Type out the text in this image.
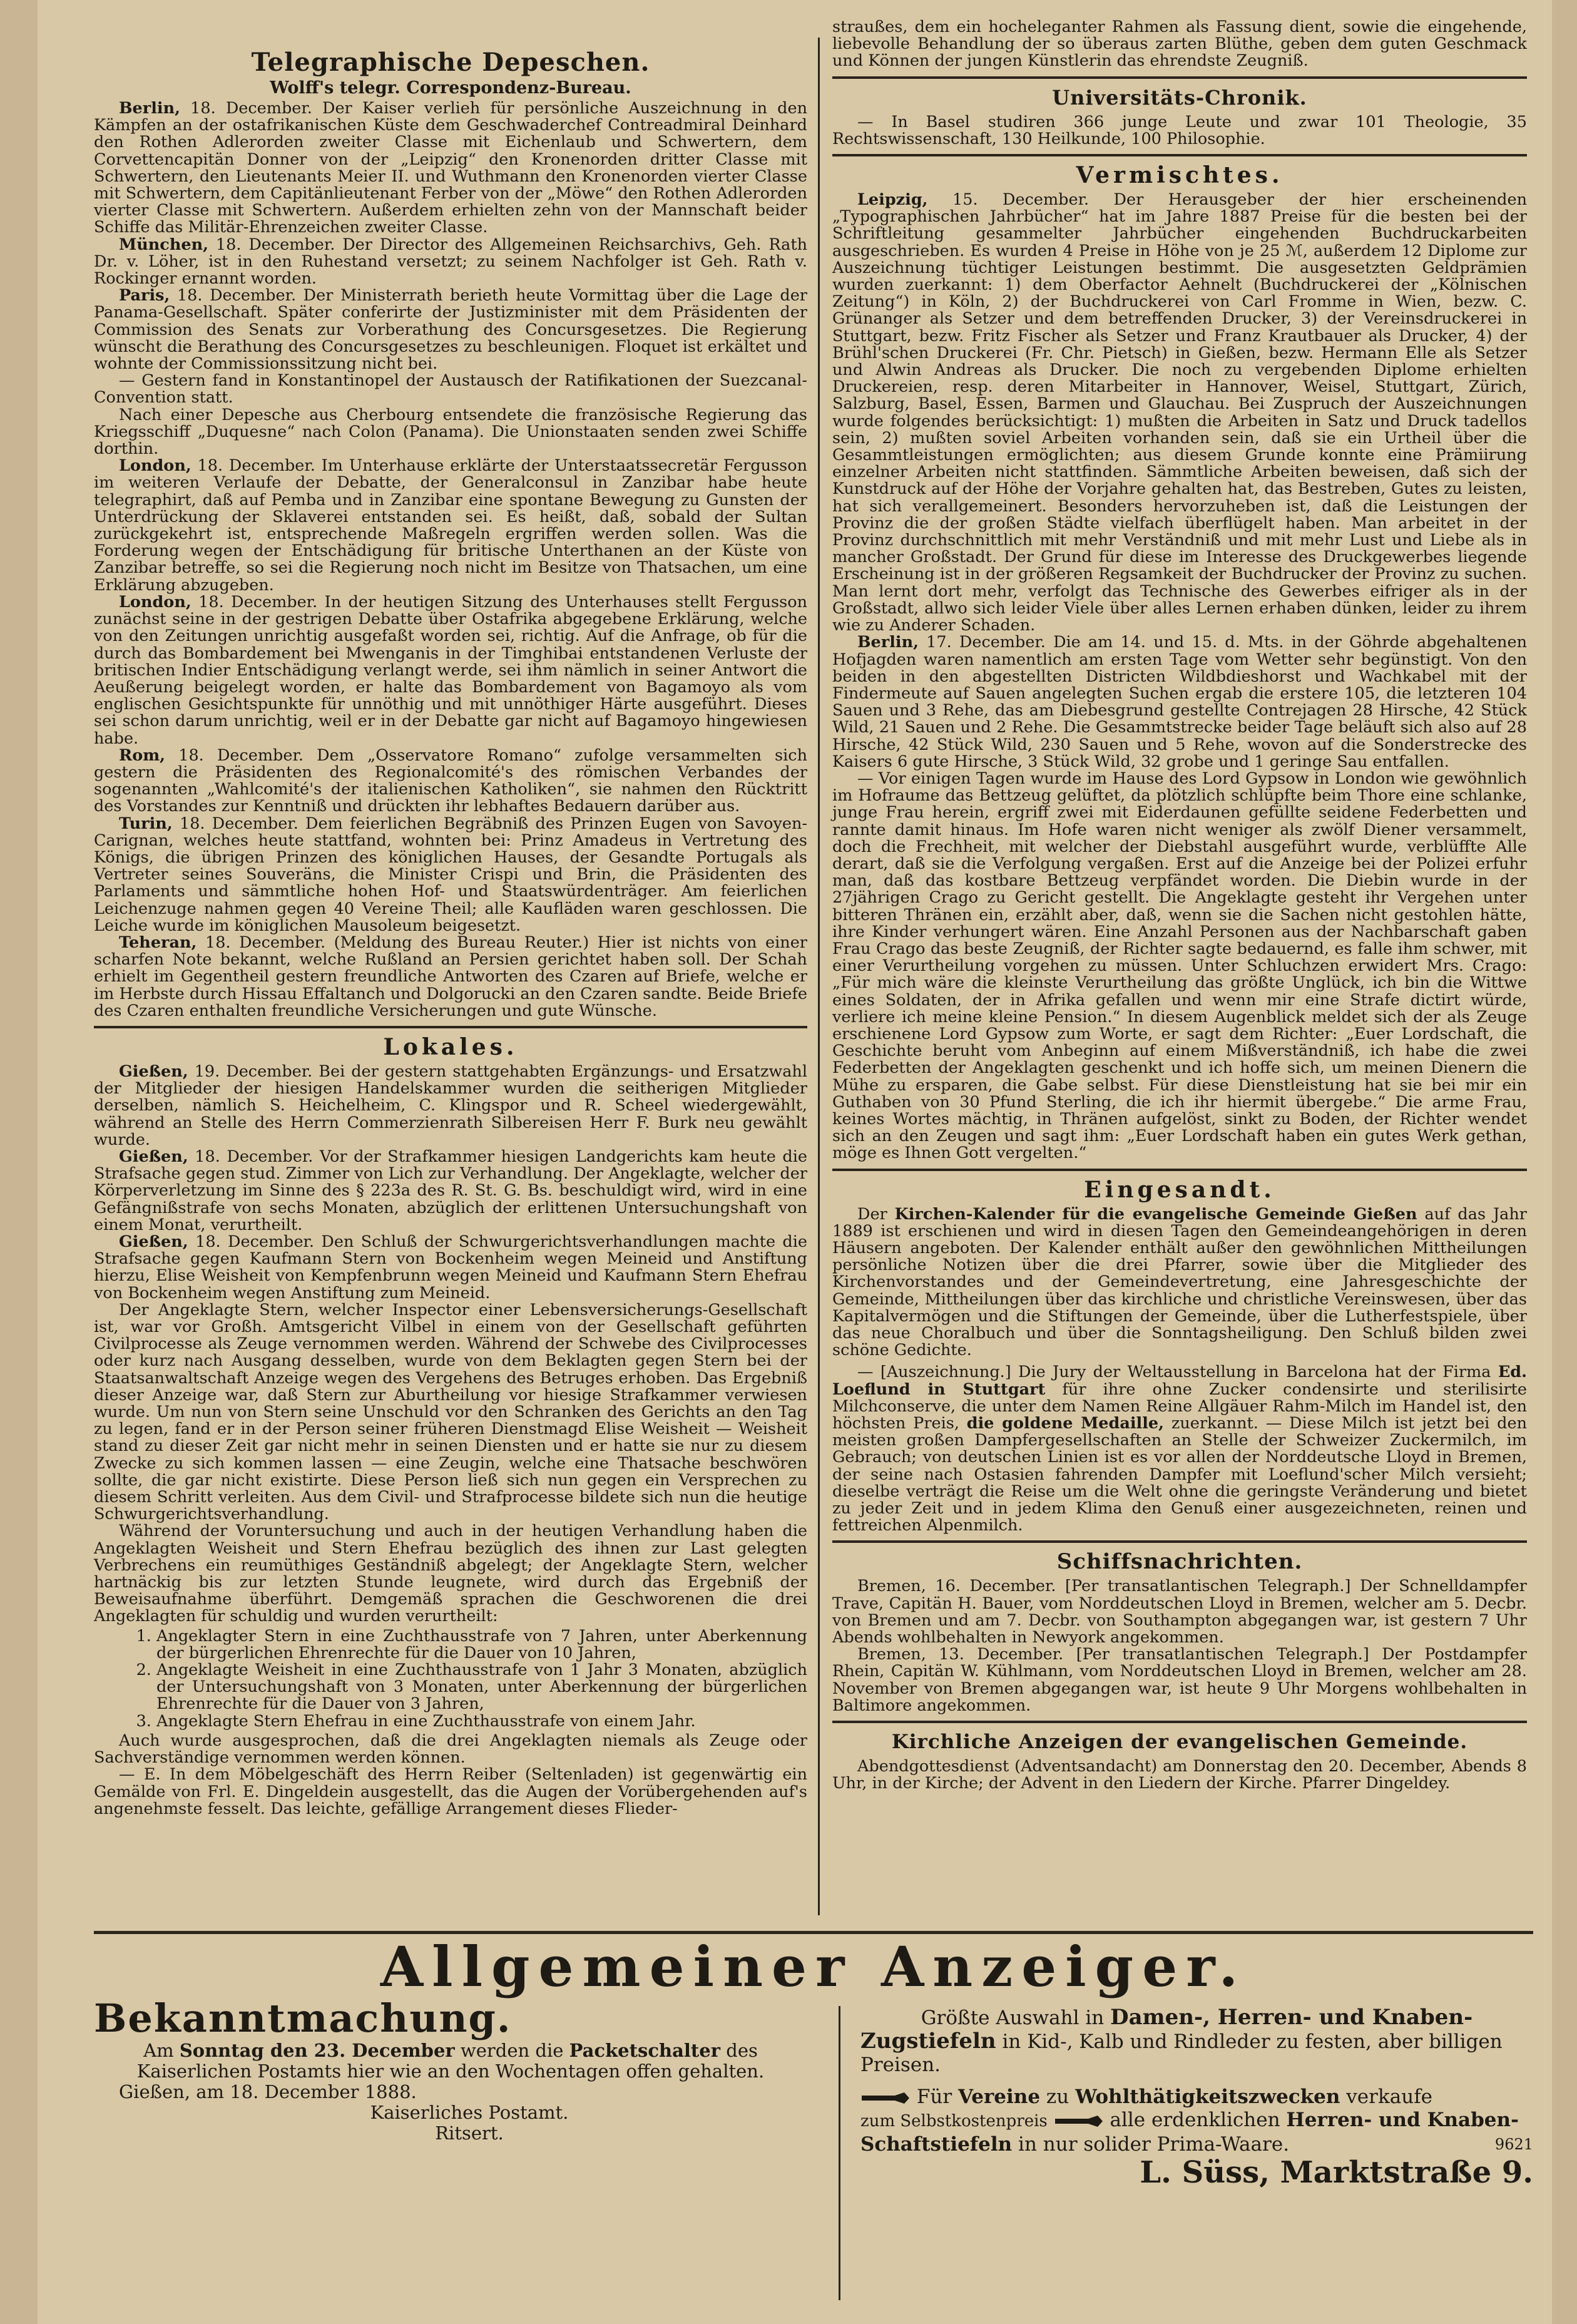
Telegraphische Depeschen.
Wolff's telegr. Correspondenz-Bureau.

Berlin, 18. December. Der Kaiser verlieh für persönliche Auszeichnung in den Kämpfen an der ostafrikanischen Küste dem Geschwaderchef Contreadmiral Deinhard den Rothen Adlerorden zweiter Classe mit Eichenlaub und Schwertern, dem Corvettencapitän Donner von der „Leipzig“ den Kronenorden dritter Classe mit Schwertern, den Lieutenants Meier II. und Wuthmann den Kronenorden vierter Classe mit Schwertern, dem Capitänlieutenant Ferber von der „Möwe“ den Rothen Adlerorden vierter Classe mit Schwertern. Außerdem erhielten zehn von der Mannschaft beider Schiffe das Militär-Ehrenzeichen zweiter Classe.

München, 18. December. Der Director des Allgemeinen Reichsarchivs, Geh. Rath Dr. v. Löher, ist in den Ruhestand versetzt; zu seinem Nachfolger ist Geh. Rath v. Rockinger ernannt worden.

Paris, 18. December. Der Ministerrath berieth heute Vormittag über die Lage der Panama-Gesellschaft. Später conferirte der Justizminister mit dem Präsidenten der Commission des Senats zur Vorberathung des Concursgesetzes. Die Regierung wünscht die Berathung des Concursgesetzes zu beschleunigen. Floquet ist erkältet und wohnte der Commissionssitzung nicht bei.

— Gestern fand in Konstantinopel der Austausch der Ratifikationen der Suezcanal-Convention statt.

Nach einer Depesche aus Cherbourg entsendete die französische Regierung das Kriegsschiff „Duquesne“ nach Colon (Panama). Die Unionstaaten senden zwei Schiffe dorthin.

London, 18. December. Im Unterhause erklärte der Unterstaatssecretär Fergusson im weiteren Verlaufe der Debatte, der Generalconsul in Zanzibar habe heute telegraphirt, daß auf Pemba und in Zanzibar eine spontane Bewegung zu Gunsten der Unterdrückung der Sklaverei entstanden sei. Es heißt, daß, sobald der Sultan zurückgekehrt ist, entsprechende Maßregeln ergriffen werden sollen. Was die Forderung wegen der Entschädigung für britische Unterthanen an der Küste von Zanzibar betreffe, so sei die Regierung noch nicht im Besitze von Thatsachen, um eine Erklärung abzugeben.

London, 18. December. In der heutigen Sitzung des Unterhauses stellt Fergusson zunächst seine in der gestrigen Debatte über Ostafrika abgegebene Erklärung, welche von den Zeitungen unrichtig ausgefaßt worden sei, richtig. Auf die Anfrage, ob für die durch das Bombardement bei Mwenganis in der Timghibai entstandenen Verluste der britischen Indier Entschädigung verlangt werde, sei ihm nämlich in seiner Antwort die Aeußerung beigelegt worden, er halte das Bombardement von Bagamoyo als vom englischen Gesichtspunkte für unnöthig und mit unnöthiger Härte ausgeführt. Dieses sei schon darum unrichtig, weil er in der Debatte gar nicht auf Bagamoyo hingewiesen habe.

Rom, 18. December. Dem „Osservatore Romano“ zufolge versammelten sich gestern die Präsidenten des Regionalcomité's des römischen Verbandes der sogenannten „Wahlcomité's der italienischen Katholiken“, sie nahmen den Rücktritt des Vorstandes zur Kenntniß und drückten ihr lebhaftes Bedauern darüber aus.

Turin, 18. December. Dem feierlichen Begräbniß des Prinzen Eugen von Savoyen-Carignan, welches heute stattfand, wohnten bei: Prinz Amadeus in Vertretung des Königs, die übrigen Prinzen des königlichen Hauses, der Gesandte Portugals als Vertreter seines Souveräns, die Minister Crispi und Brin, die Präsidenten des Parlaments und sämmtliche hohen Hof- und Staatswürdenträger. Am feierlichen Leichenzuge nahmen gegen 40 Vereine Theil; alle Kaufläden waren geschlossen. Die Leiche wurde im königlichen Mausoleum beigesetzt.

Teheran, 18. December. (Meldung des Bureau Reuter.) Hier ist nichts von einer scharfen Note bekannt, welche Rußland an Persien gerichtet haben soll. Der Schah erhielt im Gegentheil gestern freundliche Antworten des Czaren auf Briefe, welche er im Herbste durch Hissau Effaltanch und Dolgorucki an den Czaren sandte. Beide Briefe des Czaren enthalten freundliche Versicherungen und gute Wünsche.

Lokales.

Gießen, 19. December. Bei der gestern stattgehabten Ergänzungs- und Ersatzwahl der Mitglieder der hiesigen Handelskammer wurden die seitherigen Mitglieder derselben, nämlich S. Heichelheim, C. Klingspor und R. Scheel wiedergewählt, während an Stelle des Herrn Commerzienrath Silbereisen Herr F. Burk neu gewählt wurde.

Gießen, 18. December. Vor der Strafkammer hiesigen Landgerichts kam heute die Strafsache gegen stud. Zimmer von Lich zur Verhandlung. Der Angeklagte, welcher der Körperverletzung im Sinne des § 223a des R. St. G. Bs. beschuldigt wird, wird in eine Gefängnißstrafe von sechs Monaten, abzüglich der erlittenen Untersuchungshaft von einem Monat, verurtheilt.

Gießen, 18. December. Den Schluß der Schwurgerichtsverhandlungen machte die Strafsache gegen Kaufmann Stern von Bockenheim wegen Meineid und Anstiftung hierzu, Elise Weisheit von Kempfenbrunn wegen Meineid und Kaufmann Stern Ehefrau von Bockenheim wegen Anstiftung zum Meineid.

Der Angeklagte Stern, welcher Inspector einer Lebensversicherungs-Gesellschaft ist, war vor Großh. Amtsgericht Vilbel in einem von der Gesellschaft geführten Civilprocesse als Zeuge vernommen werden. Während der Schwebe des Civilprocesses oder kurz nach Ausgang desselben, wurde von dem Beklagten gegen Stern bei der Staatsanwaltschaft Anzeige wegen des Vergehens des Betruges erhoben. Das Ergebniß dieser Anzeige war, daß Stern zur Aburtheilung vor hiesige Strafkammer verwiesen wurde. Um nun von Stern seine Unschuld vor den Schranken des Gerichts an den Tag zu legen, fand er in der Person seiner früheren Dienstmagd Elise Weisheit — Weisheit stand zu dieser Zeit gar nicht mehr in seinen Diensten und er hatte sie nur zu diesem Zwecke zu sich kommen lassen — eine Zeugin, welche eine Thatsache beschwören sollte, die gar nicht existirte. Diese Person ließ sich nun gegen ein Versprechen zu diesem Schritt verleiten. Aus dem Civil- und Strafprocesse bildete sich nun die heutige Schwurgerichtsverhandlung.

Während der Voruntersuchung und auch in der heutigen Verhandlung haben die Angeklagten Weisheit und Stern Ehefrau bezüglich des ihnen zur Last gelegten Verbrechens ein reumüthiges Geständniß abgelegt; der Angeklagte Stern, welcher hartnäckig bis zur letzten Stunde leugnete, wird durch das Ergebniß der Beweisaufnahme überführt. Demgemäß sprachen die Geschworenen die drei Angeklagten für schuldig und wurden verurtheilt:

1. Angeklagter Stern in eine Zuchthausstrafe von 7 Jahren, unter Aberkennung der bürgerlichen Ehrenrechte für die Dauer von 10 Jahren,
2. Angeklagte Weisheit in eine Zuchthausstrafe von 1 Jahr 3 Monaten, abzüglich der Untersuchungshaft von 3 Monaten, unter Aberkennung der bürgerlichen Ehrenrechte für die Dauer von 3 Jahren,
3. Angeklagte Stern Ehefrau in eine Zuchthausstrafe von einem Jahr.

Auch wurde ausgesprochen, daß die drei Angeklagten niemals als Zeuge oder Sachverständige vernommen werden können.

— E. In dem Möbelgeschäft des Herrn Reiber (Seltenladen) ist gegenwärtig ein Gemälde von Frl. E. Dingeldein ausgestellt, das die Augen der Vorübergehenden auf's angenehmste fesselt. Das leichte, gefällige Arrangement dieses Flieder-

straußes, dem ein hocheleganter Rahmen als Fassung dient, sowie die eingehende, liebevolle Behandlung der so überaus zarten Blüthe, geben dem guten Geschmack und Können der jungen Künstlerin das ehrendste Zeugniß.

Universitäts-Chronik.

— In Basel studiren 366 junge Leute und zwar 101 Theologie, 35 Rechtswissenschaft, 130 Heilkunde, 100 Philosophie.

Vermischtes.

Leipzig, 15. December. Der Herausgeber der hier erscheinenden „Typographischen Jahrbücher“ hat im Jahre 1887 Preise für die besten bei der Schriftleitung gesammelter Jahrbücher eingehenden Buchdruckarbeiten ausgeschrieben. Es wurden 4 Preise in Höhe von je 25 ℳ, außerdem 12 Diplome zur Auszeichnung tüchtiger Leistungen bestimmt. Die ausgesetzten Geldprämien wurden zuerkannt: 1) dem Oberfactor Aehnelt (Buchdruckerei der „Kölnischen Zeitung“) in Köln, 2) der Buchdruckerei von Carl Fromme in Wien, bezw. C. Grünanger als Setzer und dem betreffenden Drucker, 3) der Vereinsdruckerei in Stuttgart, bezw. Fritz Fischer als Setzer und Franz Krautbauer als Drucker, 4) der Brühl'schen Druckerei (Fr. Chr. Pietsch) in Gießen, bezw. Hermann Elle als Setzer und Alwin Andreas als Drucker. Die noch zu vergebenden Diplome erhielten Druckereien, resp. deren Mitarbeiter in Hannover, Weisel, Stuttgart, Zürich, Salzburg, Basel, Essen, Barmen und Glauchau. Bei Zuspruch der Auszeichnungen wurde folgendes berücksichtigt: 1) mußten die Arbeiten in Satz und Druck tadellos sein, 2) mußten soviel Arbeiten vorhanden sein, daß sie ein Urtheil über die Gesammtleistungen ermöglichten; aus diesem Grunde konnte eine Prämiirung einzelner Arbeiten nicht stattfinden. Sämmtliche Arbeiten beweisen, daß sich der Kunstdruck auf der Höhe der Vorjahre gehalten hat, das Bestreben, Gutes zu leisten, hat sich verallgemeinert. Besonders hervorzuheben ist, daß die Leistungen der Provinz die der großen Städte vielfach überflügelt haben. Man arbeitet in der Provinz durchschnittlich mit mehr Verständniß und mit mehr Lust und Liebe als in mancher Großstadt. Der Grund für diese im Interesse des Druckgewerbes liegende Erscheinung ist in der größeren Regsamkeit der Buchdrucker der Provinz zu suchen. Man lernt dort mehr, verfolgt das Technische des Gewerbes eifriger als in der Großstadt, allwo sich leider Viele über alles Lernen erhaben dünken, leider zu ihrem wie zu Anderer Schaden.

Berlin, 17. December. Die am 14. und 15. d. Mts. in der Göhrde abgehaltenen Hofjagden waren namentlich am ersten Tage vom Wetter sehr begünstigt. Von den beiden in den abgestellten Districten Wildbdieshorst und Wachkabel mit der Findermeute auf Sauen angelegten Suchen ergab die erstere 105, die letzteren 104 Sauen und 3 Rehe, das am Diebesgrund gestellte Contrejagen 28 Hirsche, 42 Stück Wild, 21 Sauen und 2 Rehe. Die Gesammtstrecke beider Tage beläuft sich also auf 28 Hirsche, 42 Stück Wild, 230 Sauen und 5 Rehe, wovon auf die Sonderstrecke des Kaisers 6 gute Hirsche, 3 Stück Wild, 32 grobe und 1 geringe Sau entfallen.

— Vor einigen Tagen wurde im Hause des Lord Gypsow in London wie gewöhnlich im Hofraume das Bettzeug gelüftet, da plötzlich schlüpfte beim Thore eine schlanke, junge Frau herein, ergriff zwei mit Eiderdaunen gefüllte seidene Federbetten und rannte damit hinaus. Im Hofe waren nicht weniger als zwölf Diener versammelt, doch die Frechheit, mit welcher der Diebstahl ausgeführt wurde, verblüffte Alle derart, daß sie die Verfolgung vergaßen. Erst auf die Anzeige bei der Polizei erfuhr man, daß das kostbare Bettzeug verpfändet worden. Die Diebin wurde in der 27jährigen Crago zu Gericht gestellt. Die Angeklagte gesteht ihr Vergehen unter bitteren Thränen ein, erzählt aber, daß, wenn sie die Sachen nicht gestohlen hätte, ihre Kinder verhungert wären. Eine Anzahl Personen aus der Nachbarschaft gaben Frau Crago das beste Zeugniß, der Richter sagte bedauernd, es falle ihm schwer, mit einer Verurtheilung vorgehen zu müssen. Unter Schluchzen erwidert Mrs. Crago: „Für mich wäre die kleinste Verurtheilung das größte Unglück, ich bin die Wittwe eines Soldaten, der in Afrika gefallen und wenn mir eine Strafe dictirt würde, verliere ich meine kleine Pension.“ In diesem Augenblick meldet sich der als Zeuge erschienene Lord Gypsow zum Worte, er sagt dem Richter: „Euer Lordschaft, die Geschichte beruht vom Anbeginn auf einem Mißverständniß, ich habe die zwei Federbetten der Angeklagten geschenkt und ich hoffe sich, um meinen Dienern die Mühe zu ersparen, die Gabe selbst. Für diese Dienstleistung hat sie bei mir ein Guthaben von 30 Pfund Sterling, die ich ihr hiermit übergebe.“ Die arme Frau, keines Wortes mächtig, in Thränen aufgelöst, sinkt zu Boden, der Richter wendet sich an den Zeugen und sagt ihm: „Euer Lordschaft haben ein gutes Werk gethan, möge es Ihnen Gott vergelten.“

Eingesandt.

Der Kirchen-Kalender für die evangelische Gemeinde Gießen auf das Jahr 1889 ist erschienen und wird in diesen Tagen den Gemeindeangehörigen in deren Häusern angeboten. Der Kalender enthält außer den gewöhnlichen Mittheilungen persönliche Notizen über die drei Pfarrer, sowie über die Mitglieder des Kirchenvorstandes und der Gemeindevertretung, eine Jahresgeschichte der Gemeinde, Mittheilungen über das kirchliche und christliche Vereinswesen, über das Kapitalvermögen und die Stiftungen der Gemeinde, über die Lutherfestspiele, über das neue Choralbuch und über die Sonntagsheiligung. Den Schluß bilden zwei schöne Gedichte.

— [Auszeichnung.] Die Jury der Weltausstellung in Barcelona hat der Firma Ed. Loeflund in Stuttgart für ihre ohne Zucker condensirte und sterilisirte Milchconserve, die unter dem Namen Reine Allgäuer Rahm-Milch im Handel ist, den höchsten Preis, die goldene Medaille, zuerkannt. — Diese Milch ist jetzt bei den meisten großen Dampfergesellschaften an Stelle der Schweizer Zuckermilch, im Gebrauch; von deutschen Linien ist es vor allen der Norddeutsche Lloyd in Bremen, der seine nach Ostasien fahrenden Dampfer mit Loeflund'scher Milch versieht; dieselbe verträgt die Reise um die Welt ohne die geringste Veränderung und bietet zu jeder Zeit und in jedem Klima den Genuß einer ausgezeichneten, reinen und fettreichen Alpenmilch.

Schiffsnachrichten.

Bremen, 16. December. [Per transatlantischen Telegraph.] Der Schnelldampfer Trave, Capitän H. Bauer, vom Norddeutschen Lloyd in Bremen, welcher am 5. Decbr. von Bremen und am 7. Decbr. von Southampton abgegangen war, ist gestern 7 Uhr Abends wohlbehalten in Newyork angekommen.

Bremen, 13. December. [Per transatlantischen Telegraph.] Der Postdampfer Rhein, Capitän W. Kühlmann, vom Norddeutschen Lloyd in Bremen, welcher am 28. November von Bremen abgegangen war, ist heute 9 Uhr Morgens wohlbehalten in Baltimore angekommen.

Kirchliche Anzeigen der evangelischen Gemeinde.

Abendgottesdienst (Adventsandacht) am Donnerstag den 20. December, Abends 8 Uhr, in der Kirche; der Advent in den Liedern der Kirche. Pfarrer Dingeldey.

Allgemeiner Anzeiger.
Bekanntmachung.
Am Sonntag den 23. December werden die Packetschalter des Kaiserlichen Postamts hier wie an den Wochentagen offen gehalten.
Gießen, am 18. December 1888.
Kaiserliches Postamt.
Ritsert.
Größte Auswahl in Damen-, Herren- und Knaben-
Zugstiefeln in Kid-, Kalb und Rindleder zu festen, aber billigen Preisen.
Für Vereine zu Wohlthätigkeitszwecken verkaufe
zum Selbstkostenpreis	alle erdenklichen Herren- und Knaben-
Schaftstiefeln in nur solider Prima-Waare.	9621
L. Süss, Marktstraße 9.
